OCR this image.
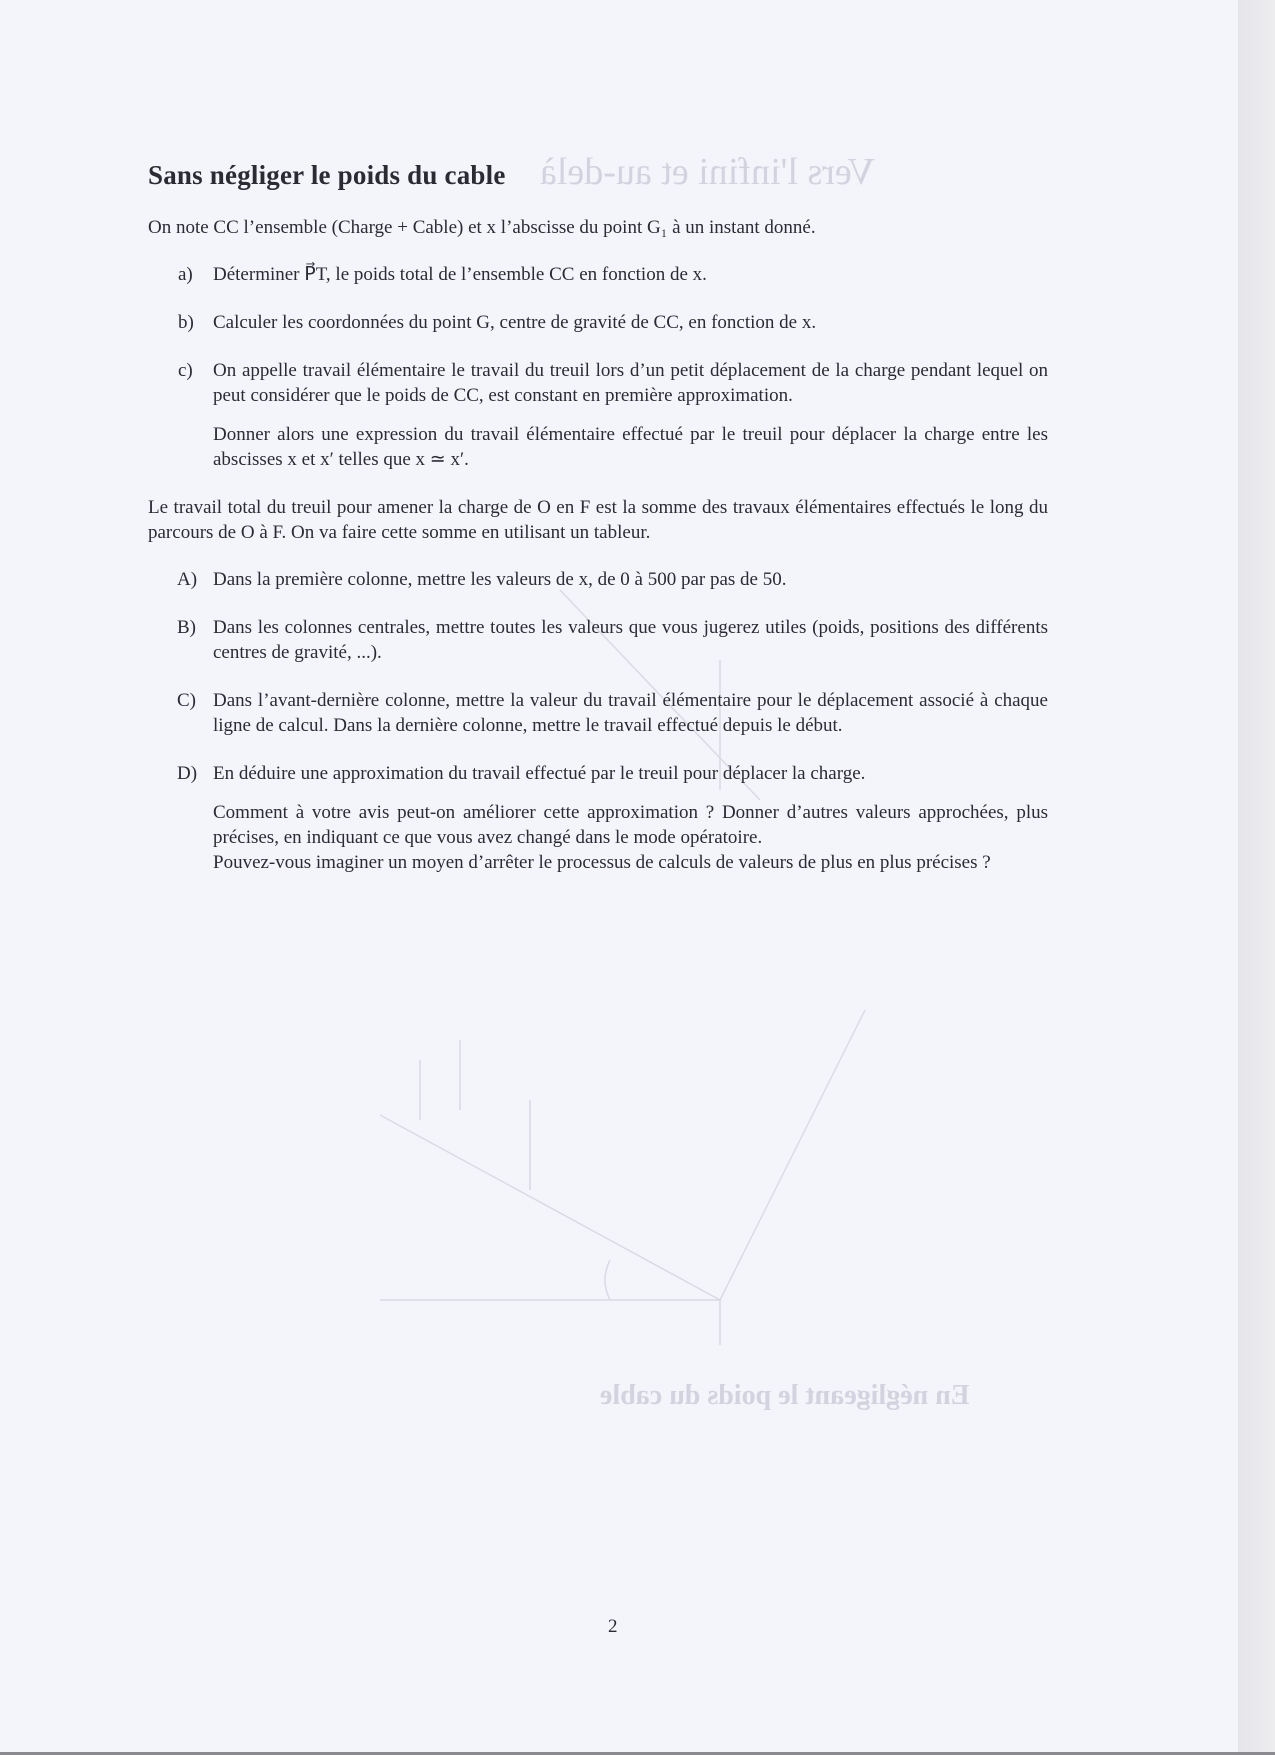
Vers l'infini et au-delà
En négligeant le poids du cable
Sans négliger le poids du cable

On note CC l’ensemble (Charge + Cable) et x l’abscisse du point G₁ à un instant donné.

a) Déterminer P⃗T, le poids total de l’ensemble CC en fonction de x.

b) Calculer les coordonnées du point G, centre de gravité de CC, en fonction de x.

c) On appelle travail élémentaire le travail du treuil lors d’un petit déplacement de la charge pendant lequel on peut considérer que le poids de CC, est constant en première approximation.

Donner alors une expression du travail élémentaire effectué par le treuil pour déplacer la charge entre les abscisses x et x′ telles que x ≃ x′.

Le travail total du treuil pour amener la charge de O en F est la somme des travaux élémentaires effectués le long du parcours de O à F. On va faire cette somme en utilisant un tableur.

A) Dans la première colonne, mettre les valeurs de x, de 0 à 500 par pas de 50.

B) Dans les colonnes centrales, mettre toutes les valeurs que vous jugerez utiles (poids, positions des différents centres de gravité, ...).

C) Dans l’avant-dernière colonne, mettre la valeur du travail élémentaire pour le déplacement associé à chaque ligne de calcul. Dans la dernière colonne, mettre le travail effectué depuis le début.

D) En déduire une approximation du travail effectué par le treuil pour déplacer la charge.

Comment à votre avis peut-on améliorer cette approximation ? Donner d’autres valeurs approchées, plus précises, en indiquant ce que vous avez changé dans le mode opératoire.

Pouvez-vous imaginer un moyen d’arrêter le processus de calculs de valeurs de plus en plus précises ?

2
